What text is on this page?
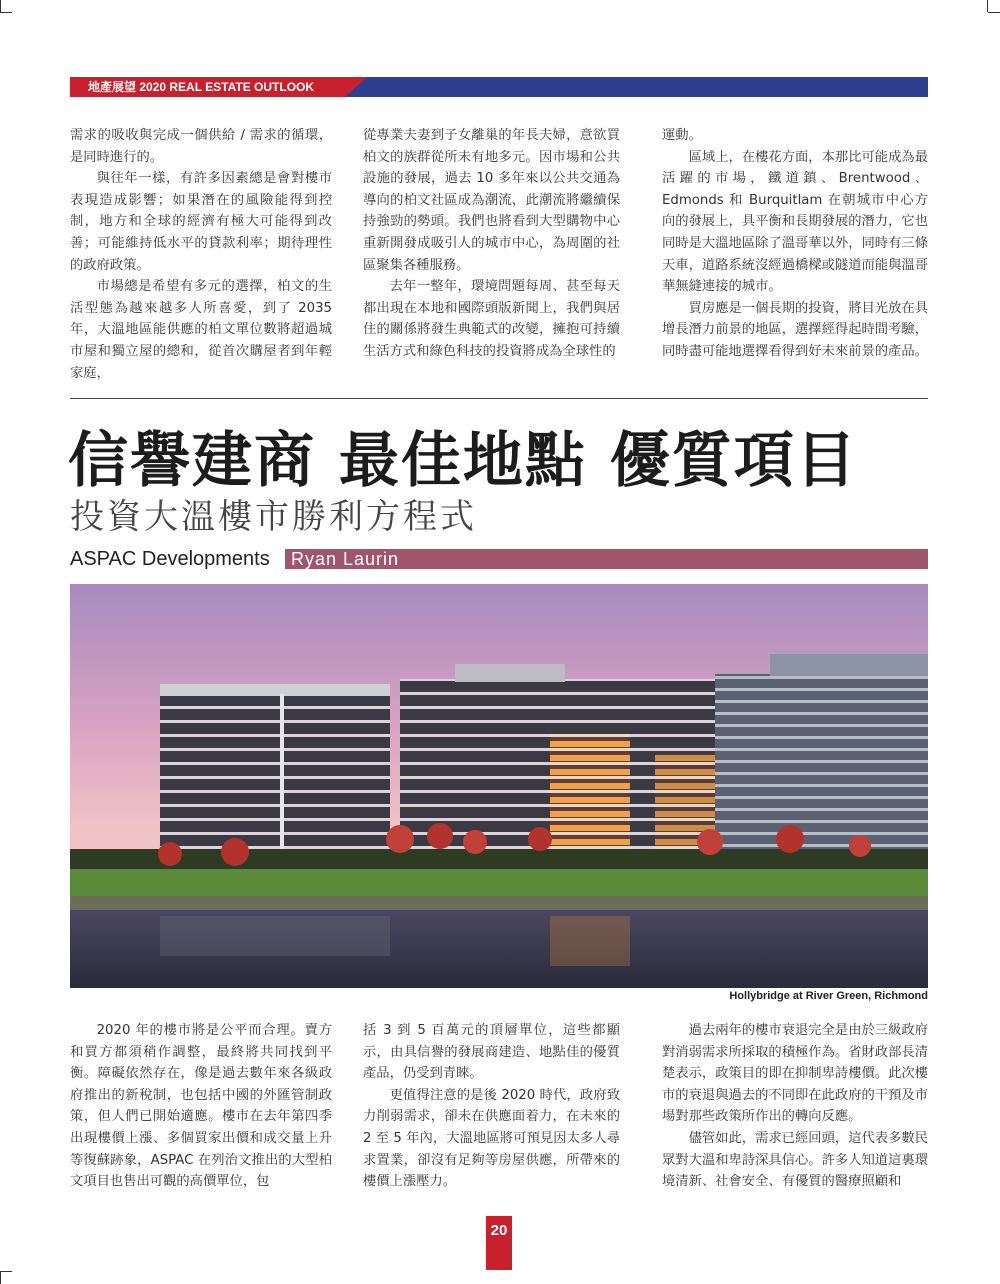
地產展望 2020 REAL ESTATE OUTLOOK

需求的吸收與完成一個供給 / 需求的循環，是同時進行的。

與往年一樣，有許多因素總是會對樓市表現造成影響；如果潛在的風險能得到控制，地方和全球的經濟有極大可能得到改善；可能維持低水平的貸款利率；期待理性的政府政策。

市場總是希望有多元的選擇，柏文的生活型態為越來越多人所喜愛，到了 2035 年，大溫地區能供應的柏文單位數將超過城市屋和獨立屋的總和，從首次購屋者到年輕家庭，

從專業夫妻到子女離巢的年長夫婦，意欲買柏文的族群從所未有地多元。因市場和公共設施的發展，過去 10 多年來以公共交通為導向的柏文社區成為潮流，此潮流將繼續保持強勁的勢頭。我們也將看到大型購物中心重新開發成吸引人的城市中心，為周圍的社區聚集各種服務。

去年一整年，環境問題每周、甚至每天都出現在本地和國際頭版新聞上，我們與居住的關係將發生典範式的改變，擁抱可持續生活方式和綠色科技的投資將成為全球性的

運動。

區域上，在樓花方面，本那比可能成為最活躍的市場，鐵道鎮、Brentwood、Edmonds 和 Burquitlam 在朝城市中心方向的發展上，具平衡和長期發展的潛力，它也同時是大溫地區除了溫哥華以外，同時有三條天車，道路系統沒經過橋樑或隧道而能與溫哥華無縫連接的城市。

買房應是一個長期的投資，將目光放在具增長潛力前景的地區，選擇經得起時間考驗，同時盡可能地選擇看得到好未來前景的產品。

信譽建商 最佳地點 優質項目
投資大溫樓市勝利方程式
ASPAC Developments Ryan Laurin
Hollybridge at River Green, Richmond

2020 年的樓市將是公平而合理。賣方和買方都須稍作調整，最終將共同找到平衡。障礙依然存在，像是過去數年來各級政府推出的新稅制，也包括中國的外匯管制政策，但人們已開始適應。樓市在去年第四季出現樓價上漲、多個買家出價和成交量上升等復蘇跡象，ASPAC 在列治文推出的大型柏文項目也售出可觀的高價單位，包

括 3 到 5 百萬元的頂層單位，這些都顯示，由具信譽的發展商建造、地點佳的優質產品，仍受到青睞。

更值得注意的是後 2020 時代，政府致力削弱需求，卻未在供應面着力，在未來的 2 至 5 年內，大溫地區將可預見因太多人尋求置業，卻沒有足夠等房屋供應，所帶來的樓價上漲壓力。

過去兩年的樓市衰退完全是由於三級政府對消弱需求所採取的積極作為。省財政部長清楚表示，政策目的即在抑制卑詩樓價。此次樓市的衰退與過去的不同即在此政府的干預及市場對那些政策所作出的轉向反應。

儘管如此，需求已經回頭，這代表多數民眾對大溫和卑詩深具信心。許多人知道這裏環境清新、社會安全、有優質的醫療照顧和

20
